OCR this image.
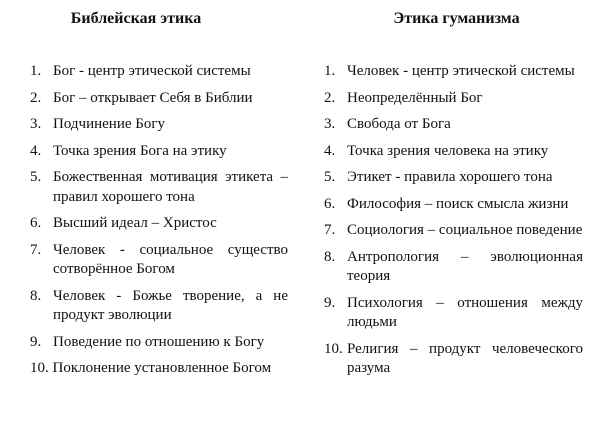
Библейская этика
1. Бог - центр этической системы
2. Бог – открывает Себя в Библии
3. Подчинение Богу
4. Точка зрения Бога на этику
5. Божественная мотивация этикета – правил хорошего тона
6. Высший идеал – Христос
7. Человек - социальное существо сотворённое Богом
8. Человек - Божье творение, а не продукт эволюции
9. Поведение по отношению к Богу
10. Поклонение установленное Богом
Этика гуманизма
1. Человек - центр этической системы
2. Неопределённый Бог
3. Свобода от Бога
4. Точка зрения человека на этику
5. Этикет - правила хорошего тона
6. Философия – поиск смысла жизни
7. Социология – социальное поведение
8. Антропология – эволюционная теория
9. Психология – отношения между людьми
10. Религия – продукт человеческого разума
